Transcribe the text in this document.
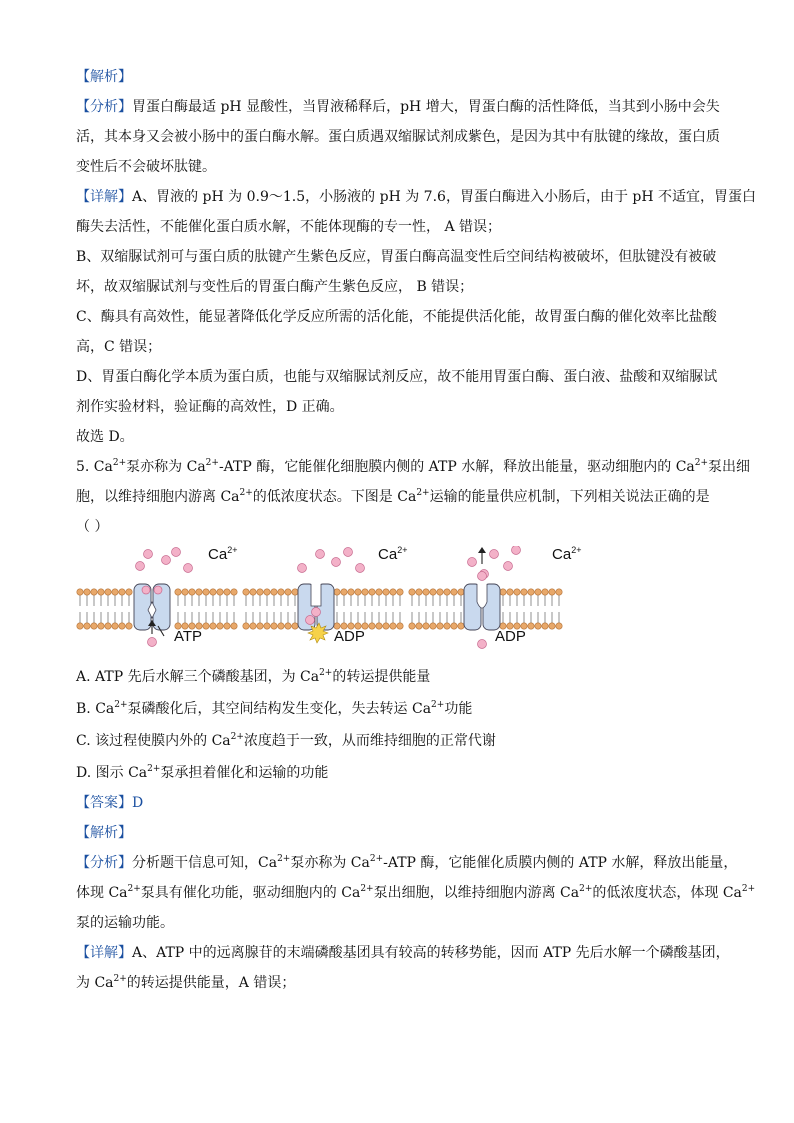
【解析】
【分析】胃蛋白酶最适 pH 显酸性，当胃液稀释后，pH 增大，胃蛋白酶的活性降低，当其到小肠中会失
活，其本身又会被小肠中的蛋白酶水解。蛋白质遇双缩脲试剂成紫色，是因为其中有肽键的缘故，蛋白质
变性后不会破坏肽键。
【详解】A、胃液的 pH 为 0.9～1.5，小肠液的 pH 为 7.6，胃蛋白酶进入小肠后，由于 pH 不适宜，胃蛋白
酶失去活性，不能催化蛋白质水解，不能体现酶的专一性， A 错误；
B、双缩脲试剂可与蛋白质的肽键产生紫色反应，胃蛋白酶高温变性后空间结构被破坏，但肽键没有被破
坏，故双缩脲试剂与变性后的胃蛋白酶产生紫色反应， B 错误；
C、酶具有高效性，能显著降低化学反应所需的活化能，不能提供活化能，故胃蛋白酶的催化效率比盐酸
高，C 错误；
D、胃蛋白酶化学本质为蛋白质，也能与双缩脲试剂反应，故不能用胃蛋白酶、蛋白液、盐酸和双缩脲试
剂作实验材料，验证酶的高效性，D 正确。
故选 D。
5. $Ca^{2+}$泵亦称为 $Ca^{2+}$-ATP 酶，它能催化细胞膜内侧的 ATP 水解，释放出能量，驱动细胞内的 $Ca^{2+}$泵出细
胞，以维持细胞内游离 $Ca^{2+}$的低浓度状态。下图是 $Ca^{2+}$运输的能量供应机制，下列相关说法正确的是
（ ）
$Ca^{2+}$	$Ca^{2+}$	$Ca^{2+}$
ATP	ADP	ADP
A. ATP 先后水解三个磷酸基团，为 $Ca^{2+}$的转运提供能量
B. $Ca^{2+}$泵磷酸化后，其空间结构发生变化，失去转运 $Ca^{2+}$功能
C. 该过程使膜内外的 $Ca^{2+}$浓度趋于一致，从而维持细胞的正常代谢
D. 图示 $Ca^{2+}$泵承担着催化和运输的功能
【答案】D
【解析】
【分析】分析题干信息可知，$Ca^{2+}$泵亦称为 $Ca^{2+}$-ATP 酶，它能催化质膜内侧的 ATP 水解，释放出能量，
体现 $Ca^{2+}$泵具有催化功能，驱动细胞内的 $Ca^{2+}$泵出细胞，以维持细胞内游离 $Ca^{2+}$的低浓度状态，体现 $Ca^{2+}$
泵的运输功能。
【详解】A、ATP 中的远离腺苷的末端磷酸基团具有较高的转移势能，因而 ATP 先后水解一个磷酸基团，
为 $Ca^{2+}$的转运提供能量，A 错误；
